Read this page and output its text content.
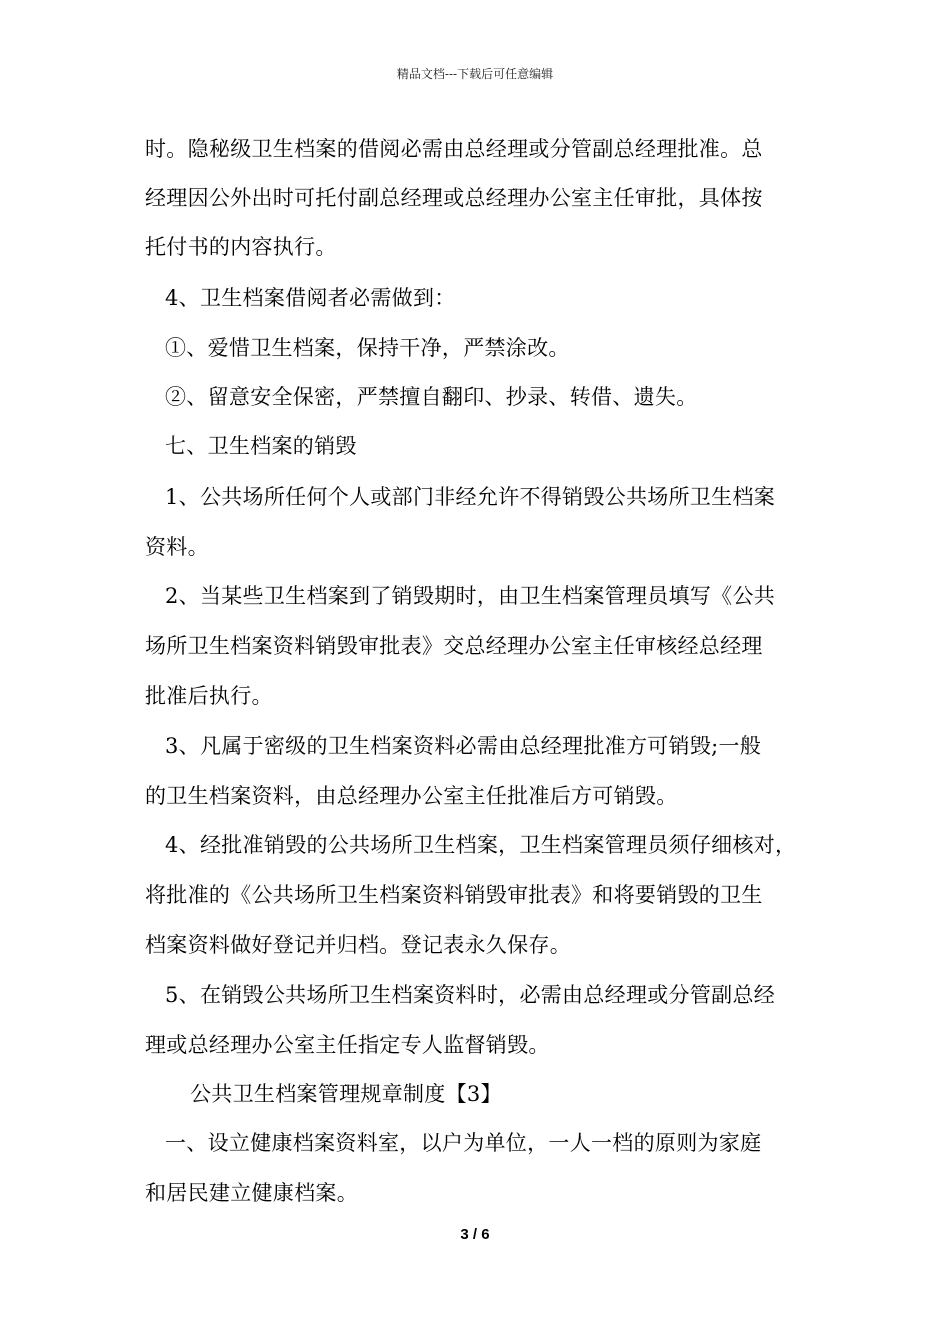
精品文档---下载后可任意编辑
时。隐秘级卫生档案的借阅必需由总经理或分管副总经理批准。总
经理因公外出时可托付副总经理或总经理办公室主任审批，具体按
托付书的内容执行。
4、卫生档案借阅者必需做到：
①、爱惜卫生档案，保持干净，严禁涂改。
②、留意安全保密，严禁擅自翻印、抄录、转借、遗失。
七、卫生档案的销毁
1、公共场所任何个人或部门非经允许不得销毁公共场所卫生档案
资料。
2、当某些卫生档案到了销毁期时，由卫生档案管理员填写《公共
场所卫生档案资料销毁审批表》交总经理办公室主任审核经总经理
批准后执行。
3、凡属于密级的卫生档案资料必需由总经理批准方可销毁;一般
的卫生档案资料，由总经理办公室主任批准后方可销毁。
4、经批准销毁的公共场所卫生档案，卫生档案管理员须仔细核对，
将批准的《公共场所卫生档案资料销毁审批表》和将要销毁的卫生
档案资料做好登记并归档。登记表永久保存。
5、在销毁公共场所卫生档案资料时，必需由总经理或分管副总经
理或总经理办公室主任指定专人监督销毁。
公共卫生档案管理规章制度【3】
一、设立健康档案资料室，以户为单位，一人一档的原则为家庭
和居民建立健康档案。
3 / 6
